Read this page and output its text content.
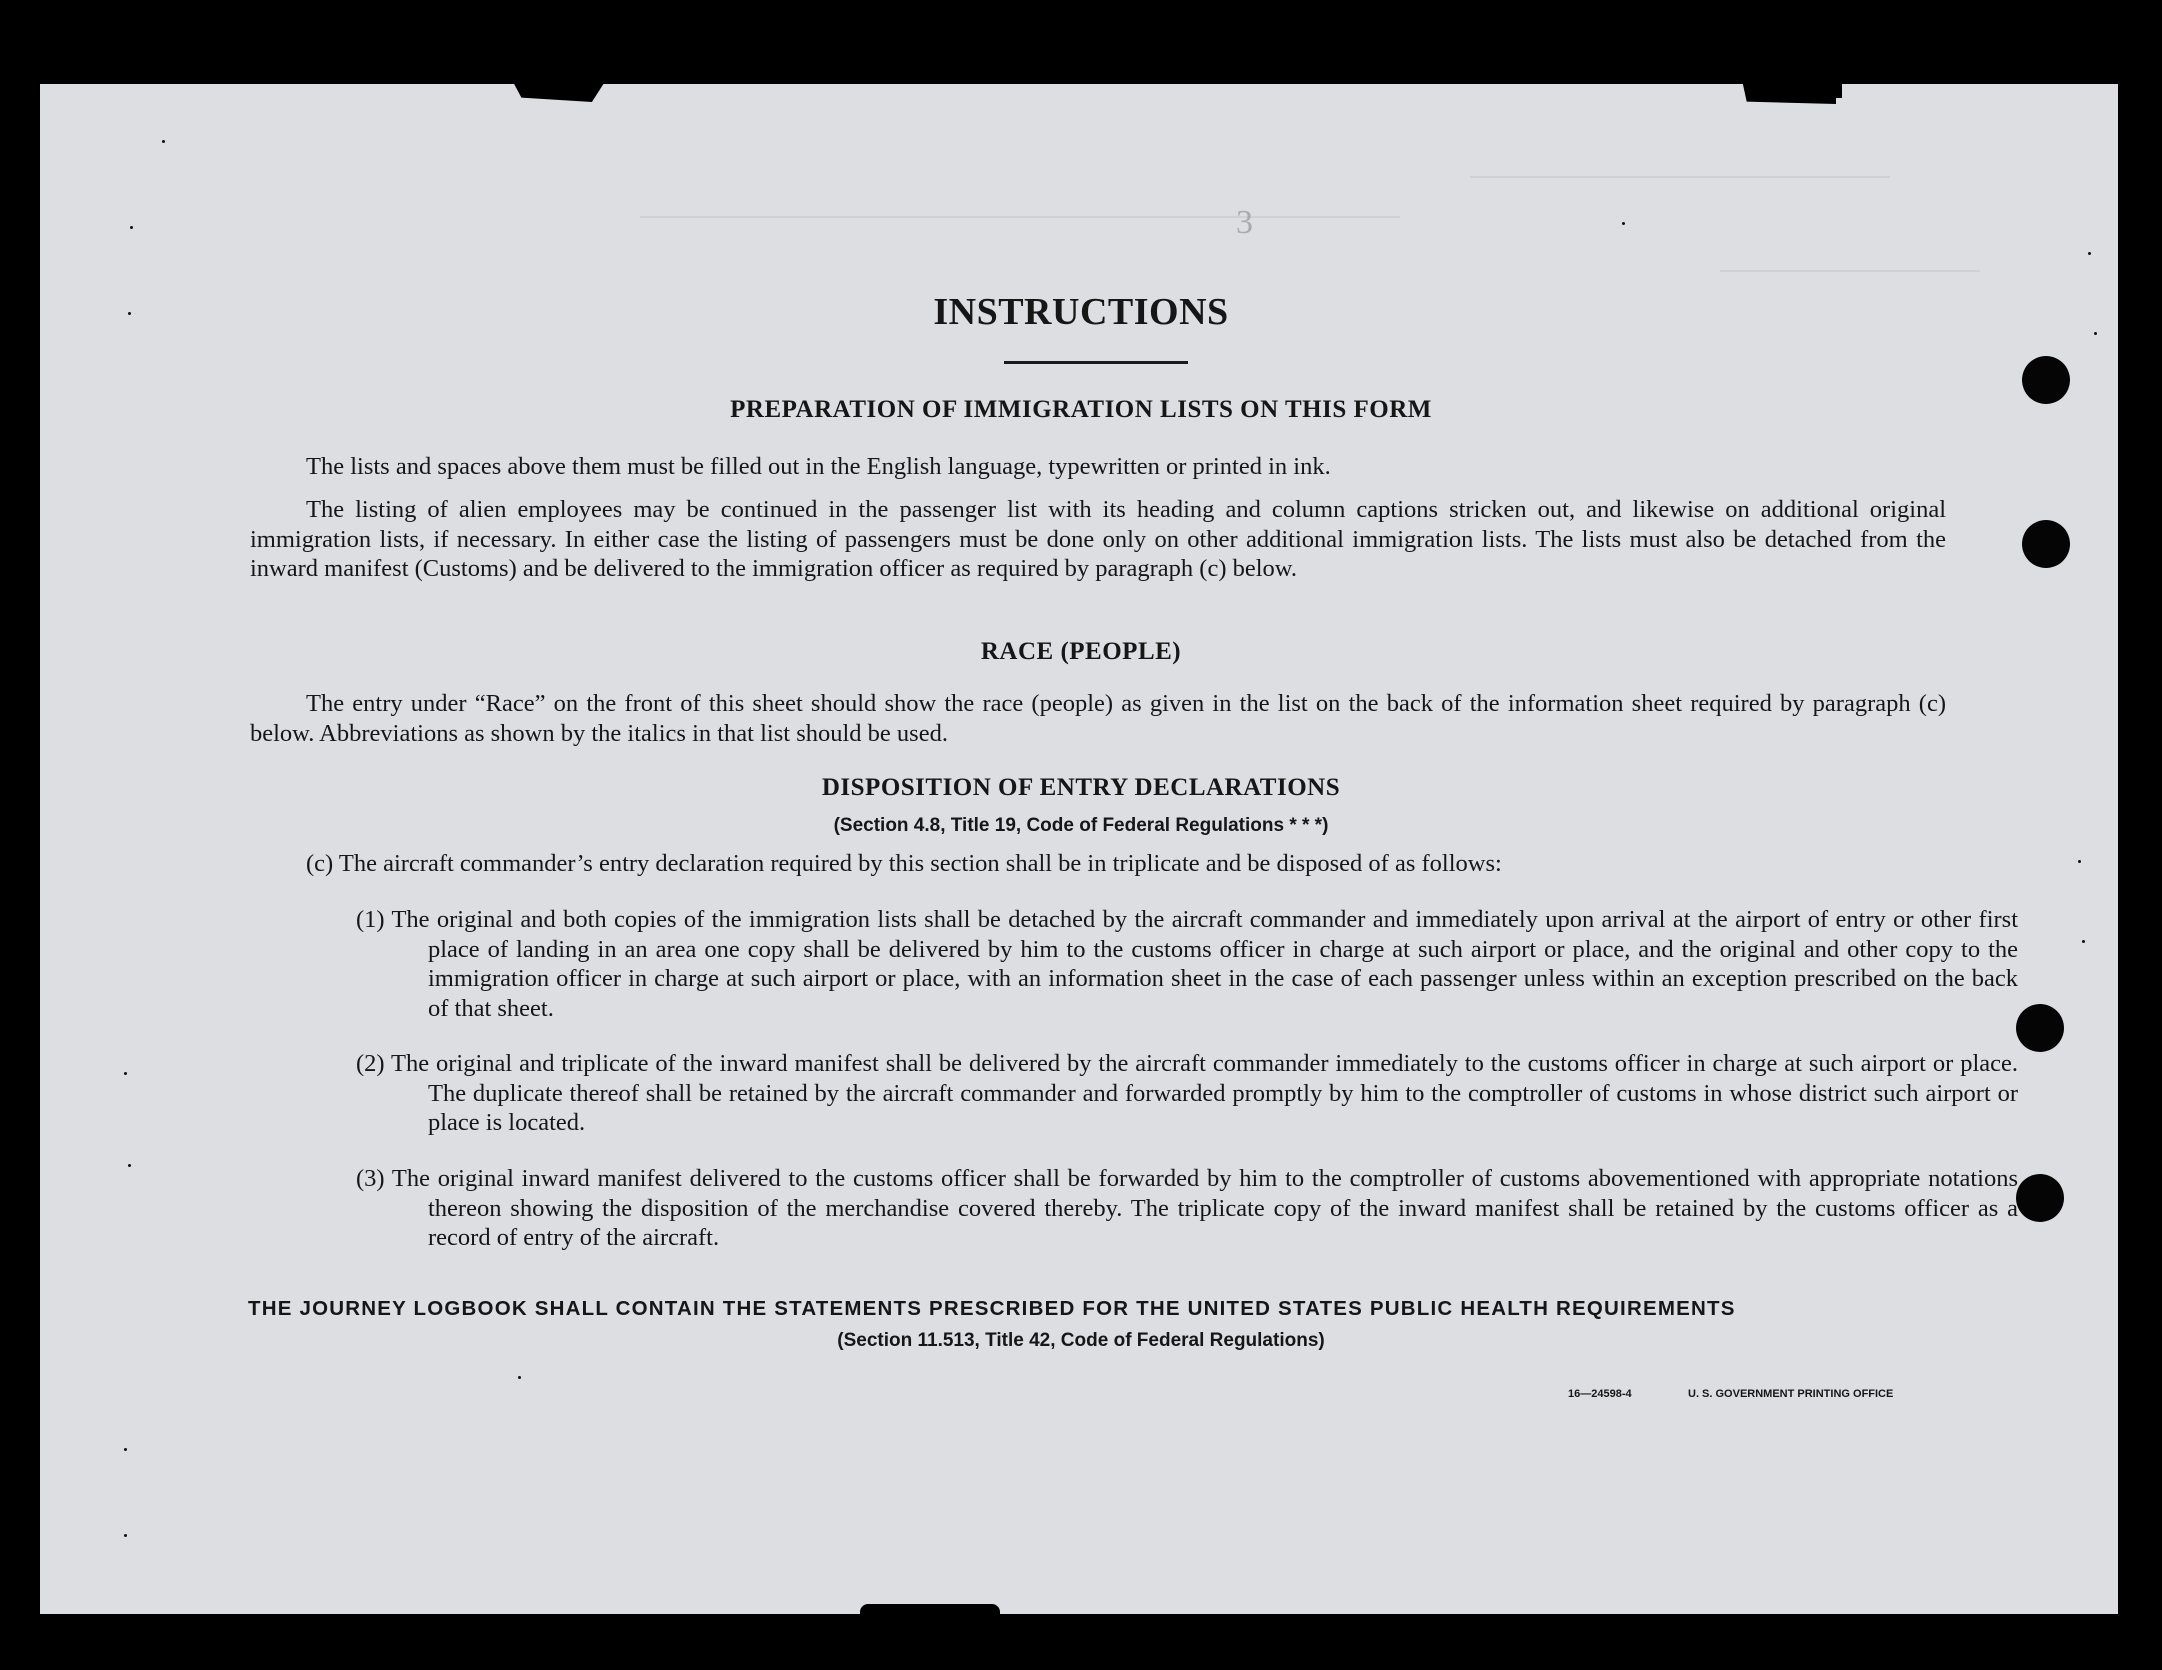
3
INSTRUCTIONS
PREPARATION OF IMMIGRATION LISTS ON THIS FORM
The lists and spaces above them must be filled out in the English language, typewritten or printed in ink.
The listing of alien employees may be continued in the passenger list with its heading and column captions stricken out, and likewise on additional original immigration lists, if necessary. In either case the listing of passengers must be done only on other additional immigration lists. The lists must also be detached from the inward manifest (Customs) and be delivered to the immigration officer as required by paragraph (c) below.
RACE (PEOPLE)
The entry under “Race” on the front of this sheet should show the race (people) as given in the list on the back of the information sheet required by paragraph (c) below. Abbreviations as shown by the italics in that list should be used.
DISPOSITION OF ENTRY DECLARATIONS
(Section 4.8, Title 19, Code of Federal Regulations * * *)
(c) The aircraft commander’s entry declaration required by this section shall be in triplicate and be disposed of as follows:
(1) The original and both copies of the immigration lists shall be detached by the aircraft commander and immediately upon arrival at the airport of entry or other first place of landing in an area one copy shall be delivered by him to the customs officer in charge at such airport or place, and the original and other copy to the immigration officer in charge at such airport or place, with an information sheet in the case of each passenger unless within an exception prescribed on the back of that sheet.
(2) The original and triplicate of the inward manifest shall be delivered by the aircraft commander immediately to the customs officer in charge at such airport or place. The duplicate thereof shall be retained by the aircraft commander and forwarded promptly by him to the comptroller of customs in whose district such airport or place is located.
(3) The original inward manifest delivered to the customs officer shall be forwarded by him to the comptroller of customs abovementioned with appropriate notations thereon showing the disposition of the merchandise covered thereby. The triplicate copy of the inward manifest shall be retained by the customs officer as a record of entry of the aircraft.
THE JOURNEY LOGBOOK SHALL CONTAIN THE STATEMENTS PRESCRIBED FOR THE UNITED STATES PUBLIC HEALTH REQUIREMENTS
(Section 11.513, Title 42, Code of Federal Regulations)
16—24598-4	U. S. GOVERNMENT PRINTING OFFICE
